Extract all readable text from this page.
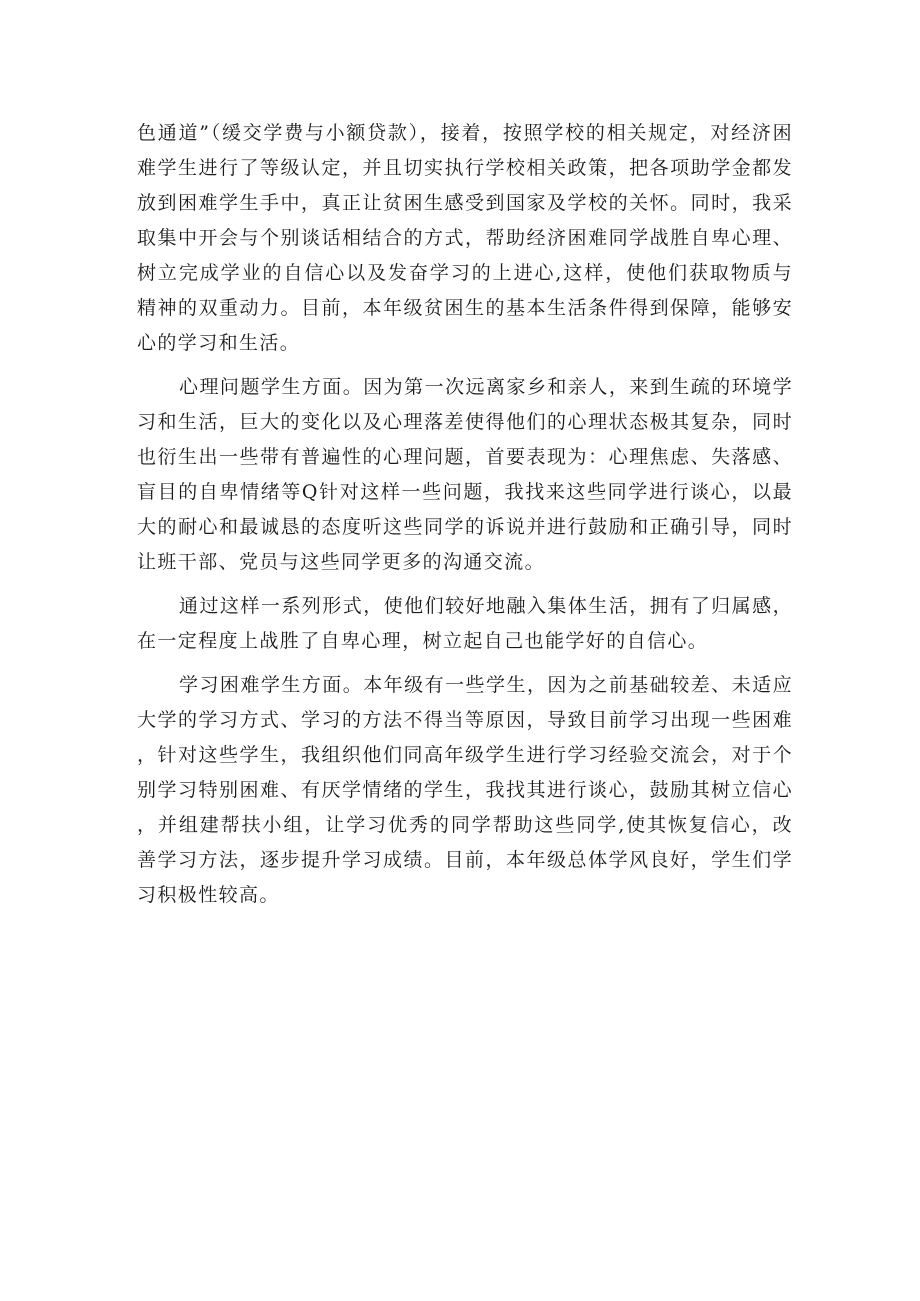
色通道”（缓交学费与小额贷款），接着，按照学校的相关规定，对经济困难学生进行了等级认定，并且切实执行学校相关政策，把各项助学金都发放到困难学生手中，真正让贫困生感受到国家及学校的关怀。同时，我采取集中开会与个别谈话相结合的方式，帮助经济困难同学战胜自卑心理、树立完成学业的自信心以及发奋学习的上进心,这样，使他们获取物质与精神的双重动力。目前，本年级贫困生的基本生活条件得到保障，能够安心的学习和生活。

心理问题学生方面。因为第一次远离家乡和亲人，来到生疏的环境学习和生活，巨大的变化以及心理落差使得他们的心理状态极其复杂，同时也衍生出一些带有普遍性的心理问题，首要表现为：心理焦虑、失落感、盲目的自卑情绪等Q针对这样一些问题，我找来这些同学进行谈心，以最大的耐心和最诚恳的态度听这些同学的诉说并进行鼓励和正确引导，同时让班干部、党员与这些同学更多的沟通交流。

通过这样一系列形式，使他们较好地融入集体生活，拥有了归属感，在一定程度上战胜了自卑心理，树立起自己也能学好的自信心。

学习困难学生方面。本年级有一些学生，因为之前基础较差、未适应大学的学习方式、学习的方法不得当等原因，导致目前学习出现一些困难，针对这些学生，我组织他们同高年级学生进行学习经验交流会，对于个别学习特别困难、有厌学情绪的学生，我找其进行谈心，鼓励其树立信心，并组建帮扶小组，让学习优秀的同学帮助这些同学,使其恢复信心，改善学习方法，逐步提升学习成绩。目前，本年级总体学风良好，学生们学习积极性较高。
